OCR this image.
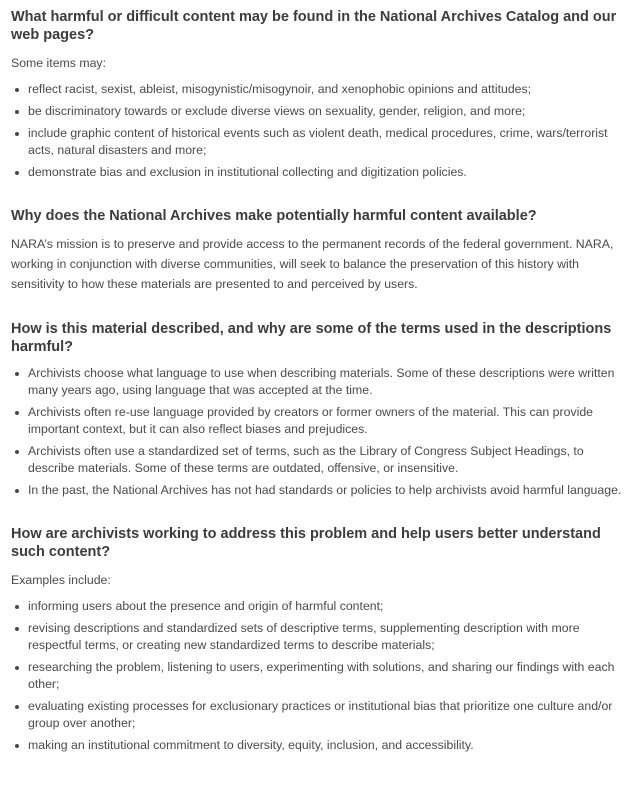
What harmful or difficult content may be found in the National Archives Catalog and our web pages?

Some items may:

reflect racist, sexist, ableist, misogynistic/misogynoir, and xenophobic opinions and attitudes;
be discriminatory towards or exclude diverse views on sexuality, gender, religion, and more;
include graphic content of historical events such as violent death, medical procedures, crime, wars/terrorist acts, natural disasters and more;
demonstrate bias and exclusion in institutional collecting and digitization policies.
Why does the National Archives make potentially harmful content available?

NARA’s mission is to preserve and provide access to the permanent records of the federal government. NARA, working in conjunction with diverse communities, will seek to balance the preservation of this history with sensitivity to how these materials are presented to and perceived by users.

How is this material described, and why are some of the terms used in the descriptions harmful?
Archivists choose what language to use when describing materials. Some of these descriptions were written many years ago, using language that was accepted at the time.
Archivists often re-use language provided by creators or former owners of the material. This can provide important context, but it can also reflect biases and prejudices.
Archivists often use a standardized set of terms, such as the Library of Congress Subject Headings, to describe materials. Some of these terms are outdated, offensive, or insensitive.
In the past, the National Archives has not had standards or policies to help archivists avoid harmful language.
How are archivists working to address this problem and help users better understand such content?

Examples include:

informing users about the presence and origin of harmful content;
revising descriptions and standardized sets of descriptive terms, supplementing description with more respectful terms, or creating new standardized terms to describe materials;
researching the problem, listening to users, experimenting with solutions, and sharing our findings with each other;
evaluating existing processes for exclusionary practices or institutional bias that prioritize one culture and/or group over another;
making an institutional commitment to diversity, equity, inclusion, and accessibility.
